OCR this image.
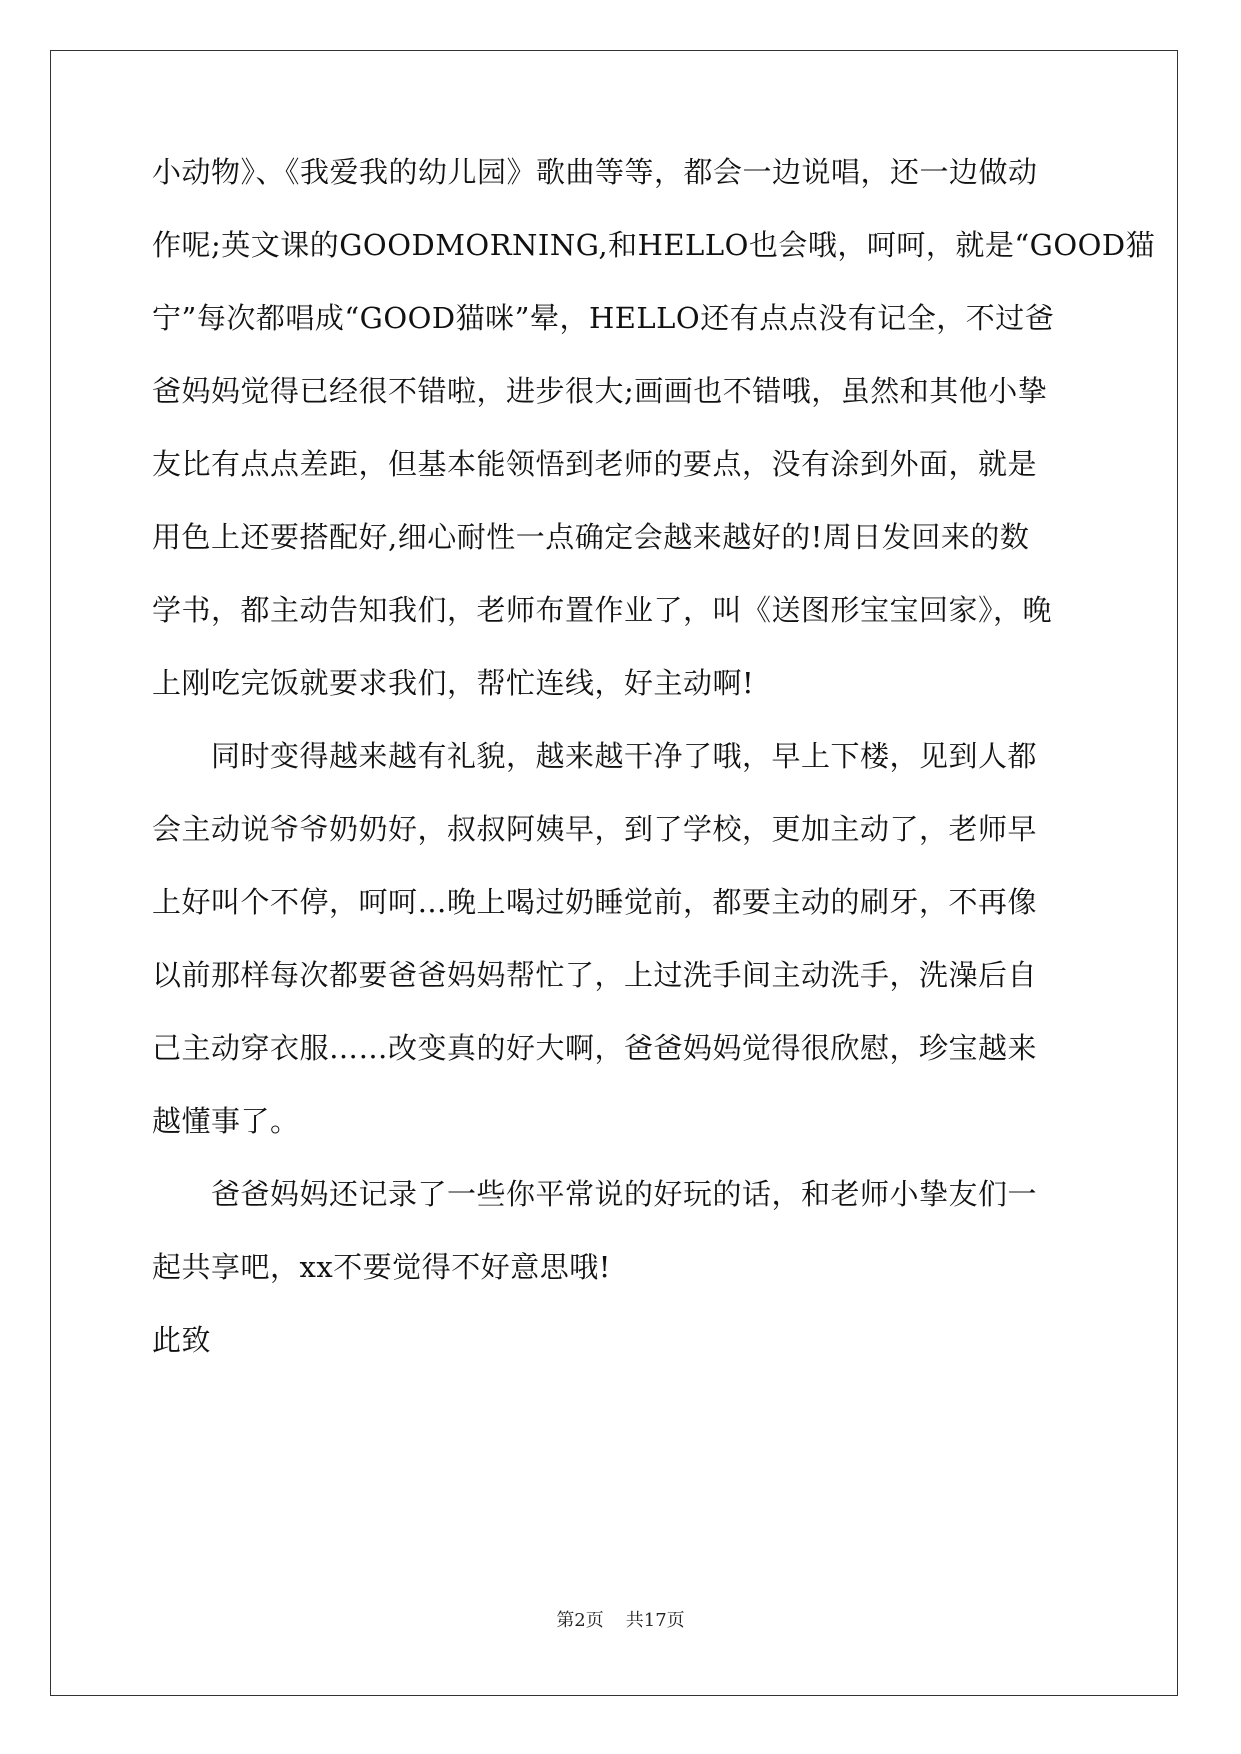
小动物》、《我爱我的幼儿园》歌曲等等，都会一边说唱，还一边做动
作呢;英文课的GOODMORNING,和HELLO也会哦，呵呵，就是“GOOD猫
宁”每次都唱成“GOOD猫咪”晕，HELLO还有点点没有记全，不过爸
爸妈妈觉得已经很不错啦，进步很大;画画也不错哦，虽然和其他小挚
友比有点点差距，但基本能领悟到老师的要点，没有涂到外面，就是
用色上还要搭配好,细心耐性一点确定会越来越好的!周日发回来的数
学书，都主动告知我们，老师布置作业了，叫《送图形宝宝回家》，晚
上刚吃完饭就要求我们，帮忙连线，好主动啊!
　　同时变得越来越有礼貌，越来越干净了哦，早上下楼，见到人都
会主动说爷爷奶奶好，叔叔阿姨早，到了学校，更加主动了，老师早
上好叫个不停，呵呵…晚上喝过奶睡觉前，都要主动的刷牙，不再像
以前那样每次都要爸爸妈妈帮忙了，上过洗手间主动洗手，洗澡后自
己主动穿衣服……改变真的好大啊，爸爸妈妈觉得很欣慰，珍宝越来
越懂事了。
　　爸爸妈妈还记录了一些你平常说的好玩的话，和老师小挚友们一
起共享吧，xx不要觉得不好意思哦!
此致
第2页 共17页
